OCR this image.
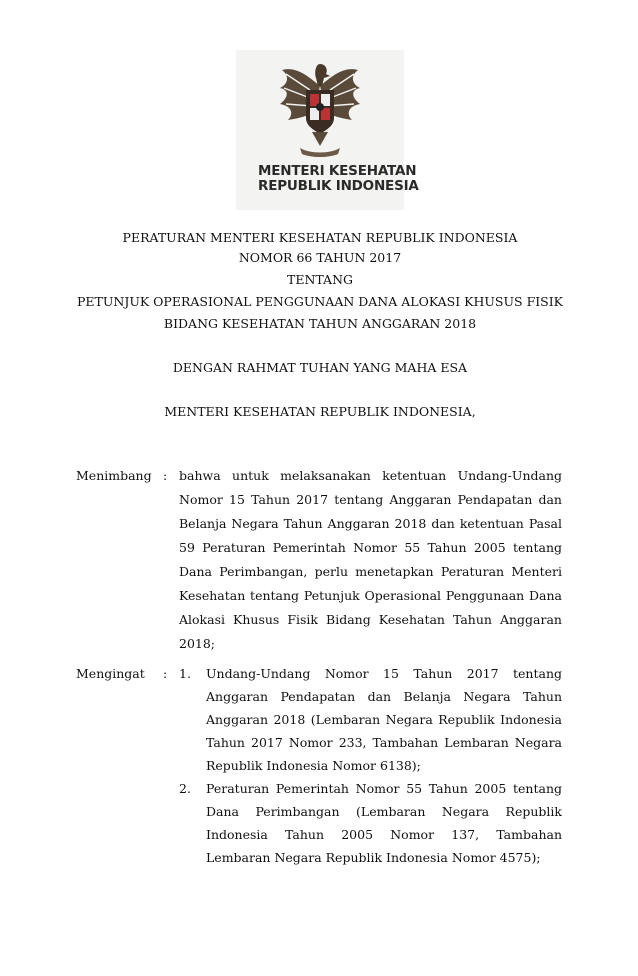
MENTERI KESEHATAN
REPUBLIK INDONESIA
PERATURAN MENTERI KESEHATAN REPUBLIK INDONESIA
NOMOR 66 TAHUN 2017
TENTANG
PETUNJUK OPERASIONAL PENGGUNAAN DANA ALOKASI KHUSUS FISIK
BIDANG KESEHATAN TAHUN ANGGARAN 2018
DENGAN RAHMAT TUHAN YANG MAHA ESA
MENTERI KESEHATAN REPUBLIK INDONESIA,
Menimbang : bahwa untuk melaksanakan ketentuan Undang-Undang Nomor 15 Tahun 2017 tentang Anggaran Pendapatan dan Belanja Negara Tahun Anggaran 2018 dan ketentuan Pasal 59 Peraturan Pemerintah Nomor 55 Tahun 2005 tentang Dana Perimbangan, perlu menetapkan Peraturan Menteri Kesehatan tentang Petunjuk Operasional Penggunaan Dana Alokasi Khusus Fisik Bidang Kesehatan Tahun Anggaran 2018;
Mengingat : 1. Undang-Undang Nomor 15 Tahun 2017 tentang Anggaran Pendapatan dan Belanja Negara Tahun Anggaran 2018 (Lembaran Negara Republik Indonesia Tahun 2017 Nomor 233, Tambahan Lembaran Negara Republik Indonesia Nomor 6138);
2. Peraturan Pemerintah Nomor 55 Tahun 2005 tentang Dana Perimbangan (Lembaran Negara Republik Indonesia Tahun 2005 Nomor 137, Tambahan Lembaran Negara Republik Indonesia Nomor 4575);
